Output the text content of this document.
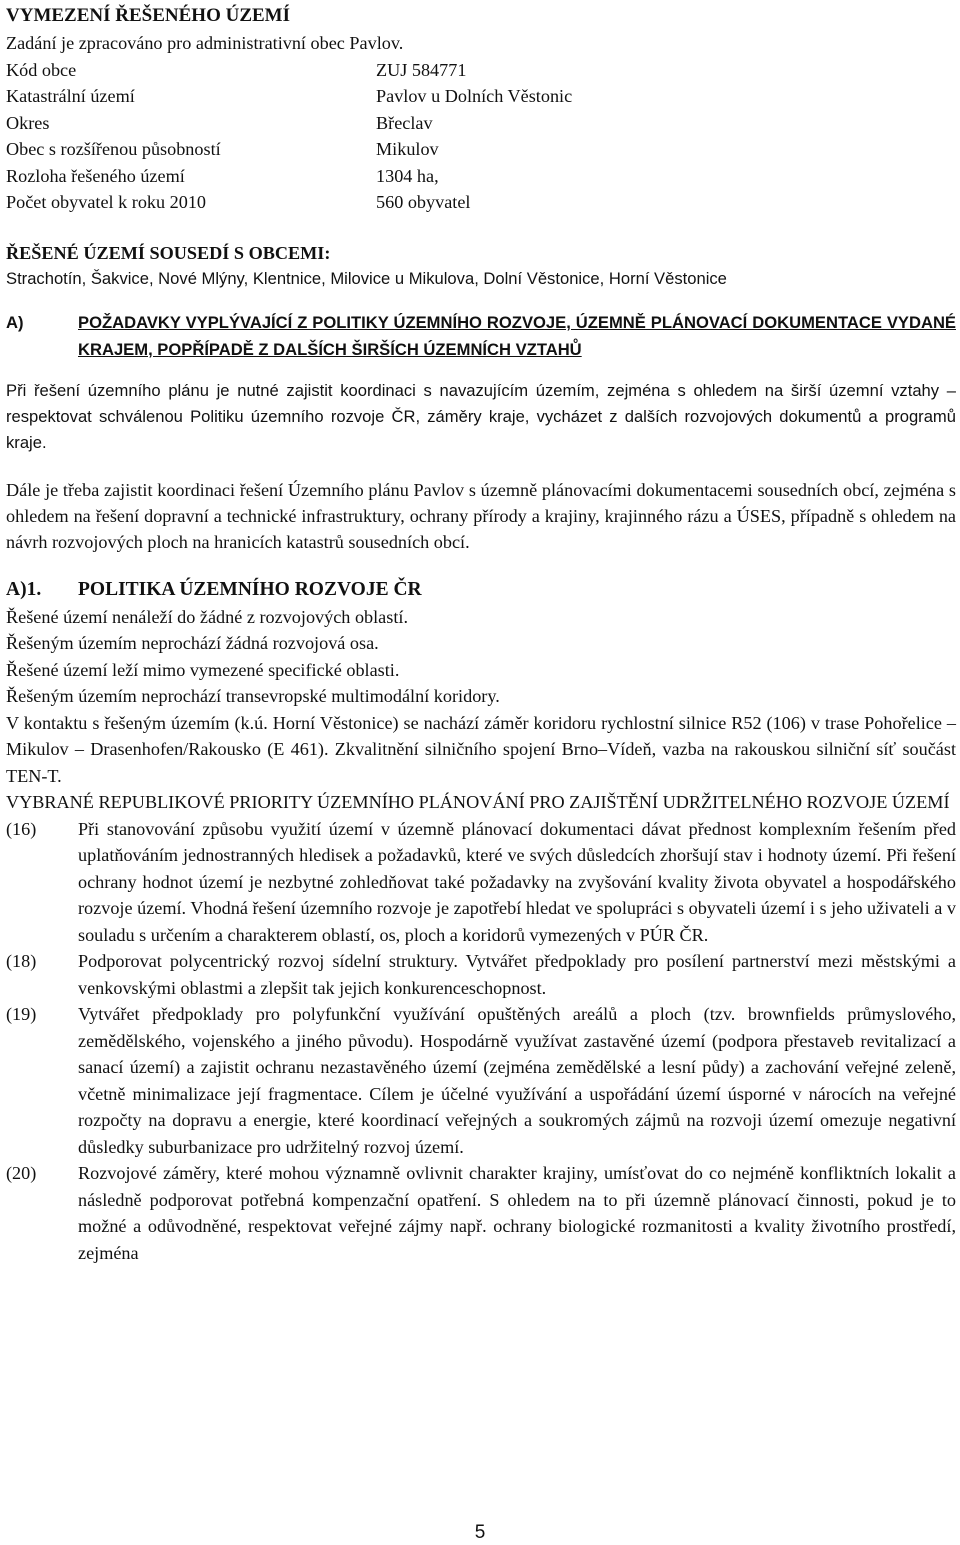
VYMEZENÍ ŘEŠENÉHO ÚZEMÍ
Zadání je zpracováno pro administrativní obec Pavlov.
Kód obce	ZUJ 584771
Katastrální území	Pavlov u Dolních Věstonic
Okres	Břeclav
Obec s rozšířenou působností	Mikulov
Rozloha řešeného území	1304 ha,
Počet obyvatel k roku 2010	560 obyvatel
ŘEŠENÉ ÚZEMÍ SOUSEDÍ S OBCEMI:
Strachotín, Šakvice, Nové Mlýny, Klentnice, Milovice u Mikulova, Dolní Věstonice, Horní Věstonice
A)	POŽADAVKY VYPLÝVAJÍCÍ Z POLITIKY ÚZEMNÍHO ROZVOJE, ÚZEMNĚ PLÁNOVACÍ DOKUMENTACE VYDANÉ KRAJEM, POPŘÍPADĚ Z DALŠÍCH ŠIRŠÍCH ÚZEMNÍCH VZTAHŮ
Při řešení územního plánu je nutné zajistit koordinaci s navazujícím územím, zejména s ohledem na širší územní vztahy – respektovat schválenou Politiku územního rozvoje ČR, záměry kraje, vycházet z dalších rozvojových dokumentů a programů kraje.
Dále je třeba zajistit koordinaci řešení Územního plánu Pavlov s územně plánovacími dokumentacemi sousedních obcí, zejména s ohledem na řešení dopravní a technické infrastruktury, ochrany přírody a krajiny, krajinného rázu a ÚSES, případně s ohledem na návrh rozvojových ploch na hranicích katastrů sousedních obcí.
A)1.	POLITIKA ÚZEMNÍHO ROZVOJE ČR
Řešené území nenáleží do žádné z rozvojových oblastí.
Řešeným územím neprochází žádná rozvojová osa.
Řešené území leží mimo vymezené specifické oblasti.
Řešeným územím neprochází transevropské multimodální koridory.
V kontaktu s řešeným územím (k.ú. Horní Věstonice) se nachází záměr koridoru rychlostní silnice R52 (106) v trase Pohořelice – Mikulov – Drasenhofen/Rakousko (E 461). Zkvalitnění silničního spojení Brno–Vídeň, vazba na rakouskou silniční síť součást TEN-T.
VYBRANÉ REPUBLIKOVÉ PRIORITY ÚZEMNÍHO PLÁNOVÁNÍ PRO ZAJIŠTĚNÍ UDRŽITELNÉHO ROZVOJE ÚZEMÍ
(16)	Při stanovování způsobu využití území v územně plánovací dokumentaci dávat přednost komplexním řešením před uplatňováním jednostranných hledisek a požadavků, které ve svých důsledcích zhoršují stav i hodnoty území. Při řešení ochrany hodnot území je nezbytné zohledňovat také požadavky na zvyšování kvality života obyvatel a hospodářského rozvoje území. Vhodná řešení územního rozvoje je zapotřebí hledat ve spolupráci s obyvateli území i s jeho uživateli a v souladu s určením a charakterem oblastí, os, ploch a koridorů vymezených v PÚR ČR.
(18)	Podporovat polycentrický rozvoj sídelní struktury. Vytvářet předpoklady pro posílení partnerství mezi městskými a venkovskými oblastmi a zlepšit tak jejich konkurenceschopnost.
(19)	Vytvářet předpoklady pro polyfunkční využívání opuštěných areálů a ploch (tzv. brownfields průmyslového, zemědělského, vojenského a jiného původu). Hospodárně využívat zastavěné území (podpora přestaveb revitalizací a sanací území) a zajistit ochranu nezastavěného území (zejména zemědělské a lesní půdy) a zachování veřejné zeleně, včetně minimalizace její fragmentace. Cílem je účelné využívání a uspořádání území úsporné v nárocích na veřejné rozpočty na dopravu a energie, které koordinací veřejných a soukromých zájmů na rozvoji území omezuje negativní důsledky suburbanizace pro udržitelný rozvoj území.
(20)	Rozvojové záměry, které mohou významně ovlivnit charakter krajiny, umísťovat do co nejméně konfliktních lokalit a následně podporovat potřebná kompenzační opatření. S ohledem na to při územně plánovací činnosti, pokud je to možné a odůvodněné, respektovat veřejné zájmy např. ochrany biologické rozmanitosti a kvality životního prostředí, zejména
5
